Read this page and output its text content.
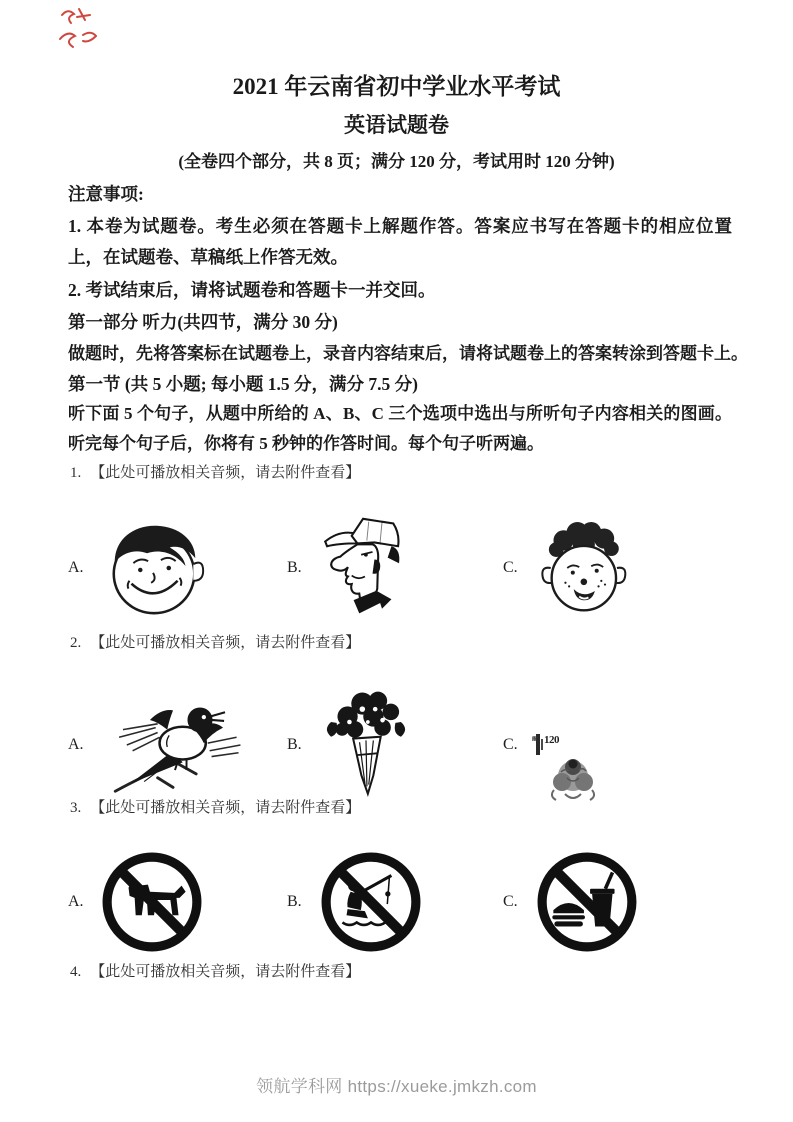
2021 年云南省初中学业水平考试
英语试题卷
(全卷四个部分，共 8 页；满分 120 分，考试用时 120 分钟)
注意事项:
1. 本卷为试题卷。考生必须在答题卡上解题作答。答案应书写在答题卡的相应位置上，在试题卷、草稿纸上作答无效。
2. 考试结束后，请将试题卷和答题卡一并交回。
第一部分 听力(共四节，满分 30 分)
做题时，先将答案标在试题卷上，录音内容结束后，请将试题卷上的答案转涂到答题卡上。
第一节 (共 5 小题; 每小题 1.5 分，满分 7.5 分)
听下面 5 个句子，从题中所给的 A、B、C 三个选项中选出与所听句子内容相关的图画。听完每个句子后，你将有 5 秒钟的作答时间。每个句子听两遍。
1. 【此处可播放相关音频，请去附件查看】
A.	B.	C.
2. 【此处可播放相关音频，请去附件查看】
A.	B.	C.	120
中国邮政
3. 【此处可播放相关音频，请去附件查看】
A.	B.	C.
4. 【此处可播放相关音频，请去附件查看】
领航学科网 https://xueke.jmkzh.com
